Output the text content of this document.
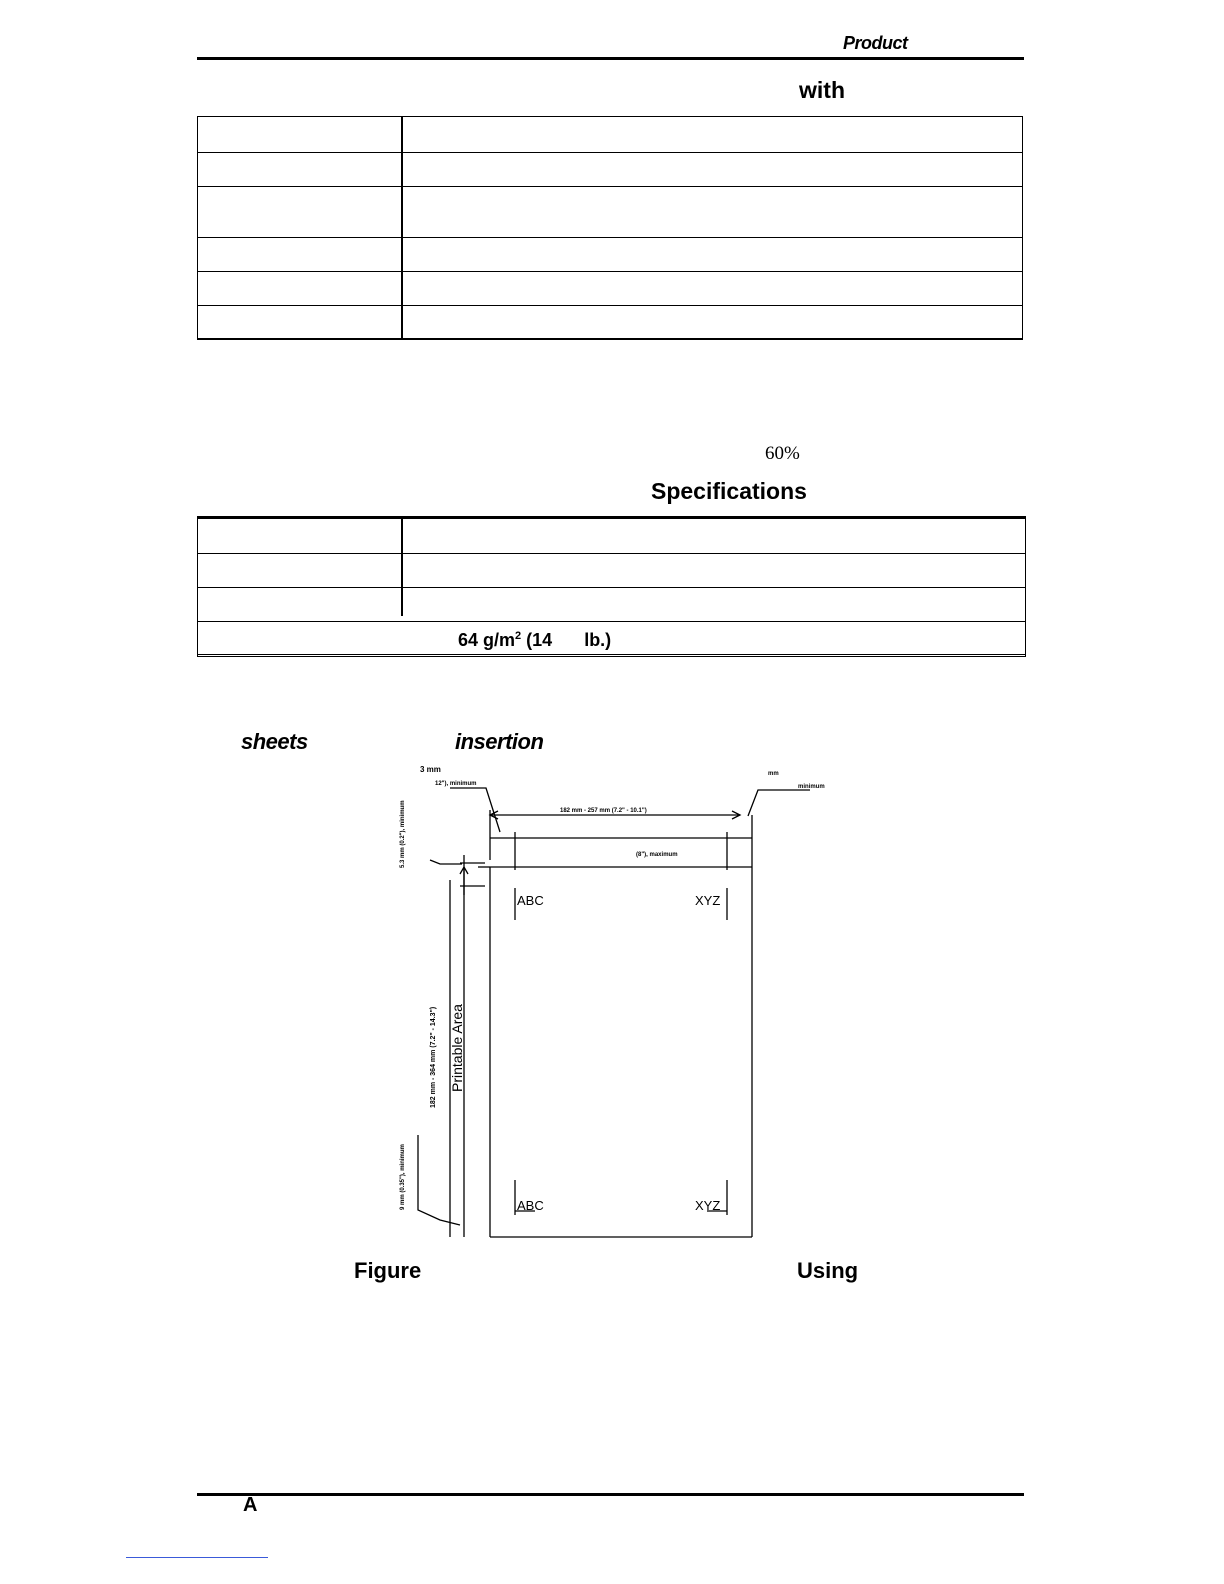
Product
with
60%
Specifications
64 $g/m^2$ (14 lb.)
sheets	insertion
3 mm
12"), minimum
mm
minimum
182 mm - 257 mm (7.2" - 10.1")
(8"), maximum
5.3 mm (0.2"), minimum
182 mm - 364 mm (7.2" - 14.3") Printable Area
9 mm (0.35"), minimum
ABC	XYZ
ABC	XYZ
Figure	Using
A
